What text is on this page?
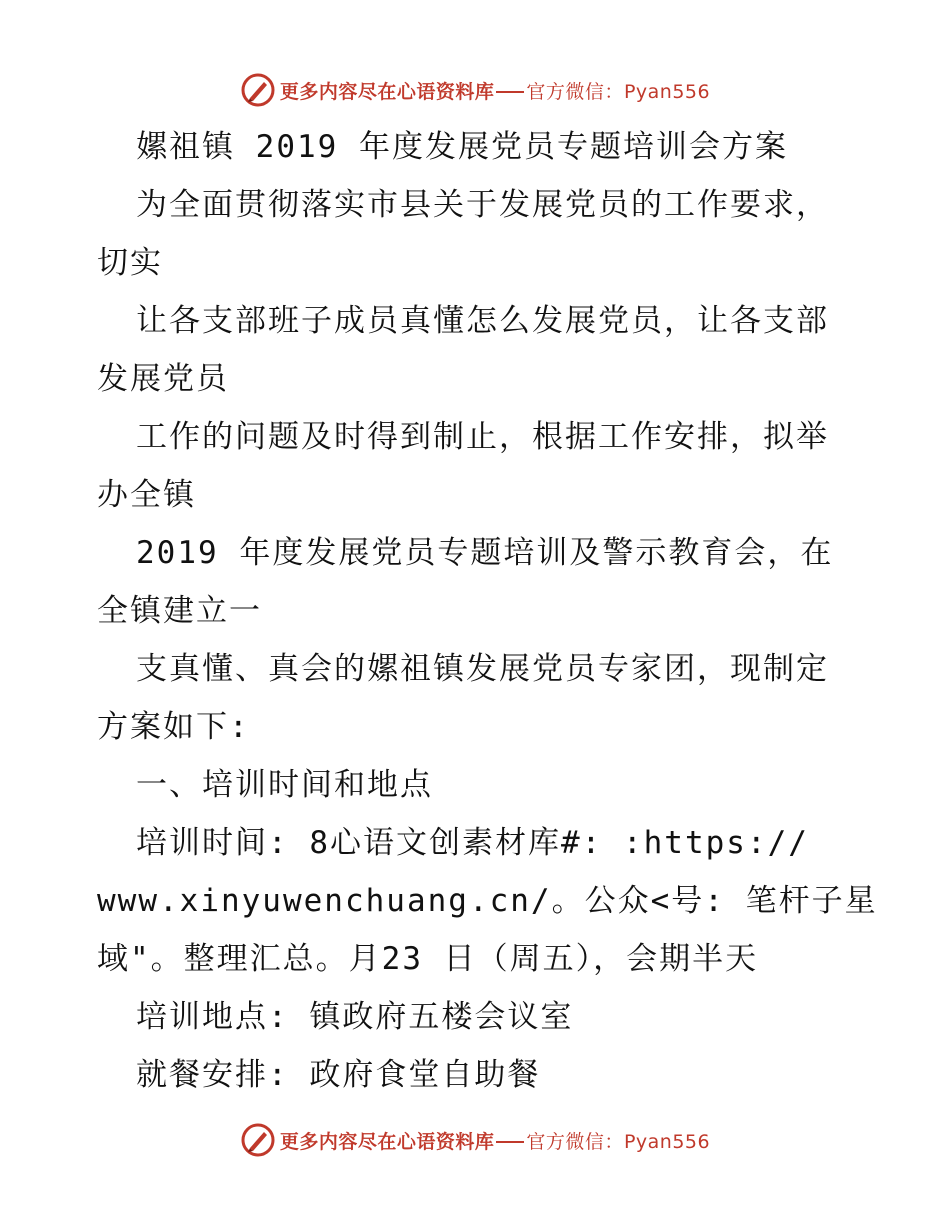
更多内容尽在心语资料库 官方微信：Pyan556
嫘祖镇 2019 年度发展党员专题培训会方案
为全面贯彻落实市县关于发展党员的工作要求，
切实
让各支部班子成员真懂怎么发展党员，让各支部
发展党员
工作的问题及时得到制止，根据工作安排，拟举
办全镇
2019 年度发展党员专题培训及警示教育会，在
全镇建立一
支真懂、真会的嫘祖镇发展党员专家团，现制定
方案如下:
一、培训时间和地点
培训时间: 8心语文创素材库#: :https://
www.xinyuwenchuang.cn/。公众<号: 笔杆子星
域"。整理汇总。月23 日（周五），会期半天
培训地点: 镇政府五楼会议室
就餐安排: 政府食堂自助餐
更多内容尽在心语资料库 官方微信：Pyan556
